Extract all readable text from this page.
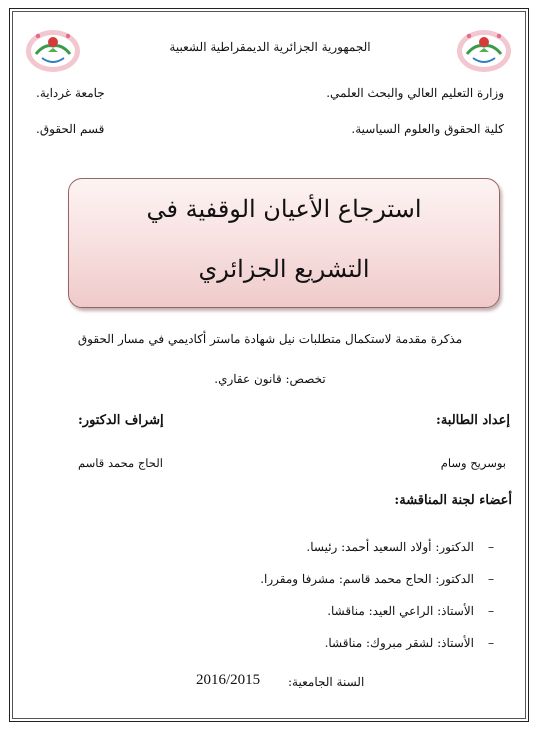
الجمهورية الجزائرية الديمقراطية الشعبية
وزارة التعليم العالي والبحث العلمي.
جامعة غرداية.
كلية الحقوق والعلوم السياسية.
قسم الحقوق.
استرجاع الأعيان الوقفية في
التشريع الجزائري
مذكرة مقدمة لاستكمال متطلبات نيل شهادة ماستر أكاديمي في مسار الحقوق
تخصص: قانون عقاري.
إعداد الطالبة:
إشراف الدكتور:
بوسريح وسام
الحاج محمد قاسم
أعضاء لجنة المناقشة:
–الدكتور: أولاد السعيد أحمد: رئيسا.
–الدكتور: الحاج محمد قاسم: مشرفا ومقررا.
–الأستاذ: الراعي العيد: مناقشا.
–الأستاذ: لشقر مبروك: مناقشا.
السنة الجامعية:
2016/2015
